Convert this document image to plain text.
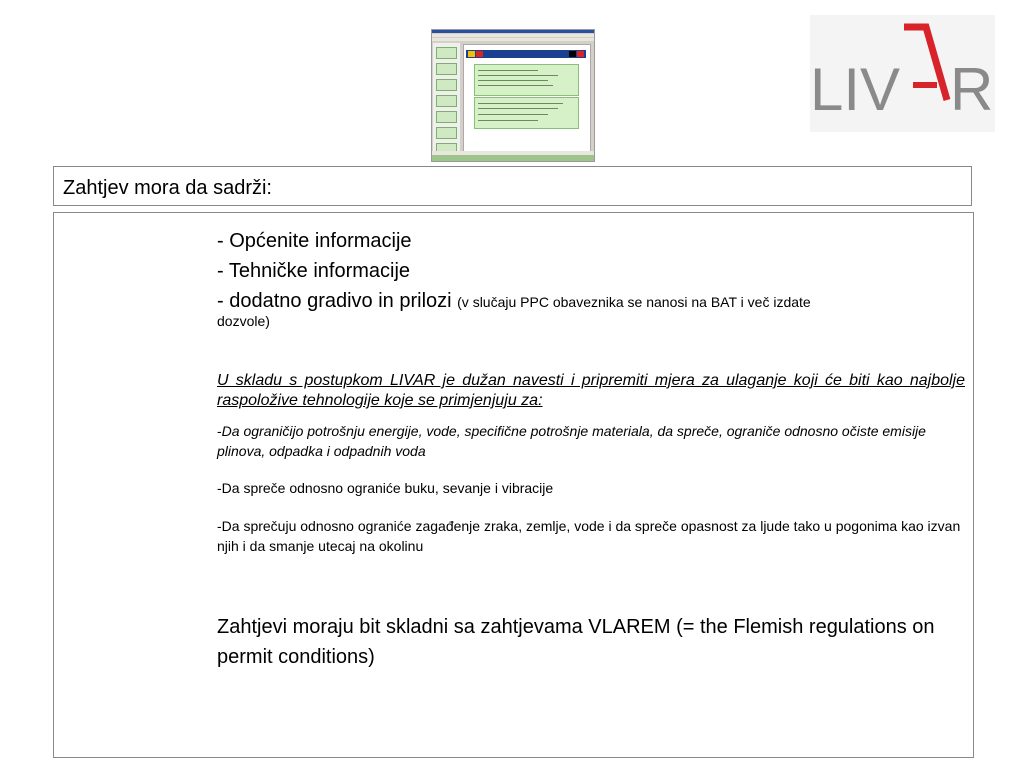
LIV R
Zahtjev mora da sadrži:
- Općenite informacije
- Tehničke informacije
- dodatno gradivo in prilozi (v slučaju PPC obaveznika se nanosi na BAT i več izdate
dozvole)
U skladu s postupkom LIVAR je dužan navesti i pripremiti mjera za ulaganje koji će biti kao najbolje raspoložive tehnologije koje se primjenjuju za:
-Da ograničijo potrošnju energije, vode, specifične potrošnje materiala, da spreče, ograniče odnosno očiste emisije plinova, odpadka i odpadnih voda
-Da spreče odnosno ograniće buku, sevanje i vibracije
-Da sprečuju odnosno ograniće zagađenje zraka, zemlje, vode i da spreče opasnost za ljude tako u pogonima kao izvan njih i da smanje utecaj na okolinu
Zahtjevi moraju bit skladni sa zahtjevama VLAREM (= the Flemish regulations on permit conditions)
